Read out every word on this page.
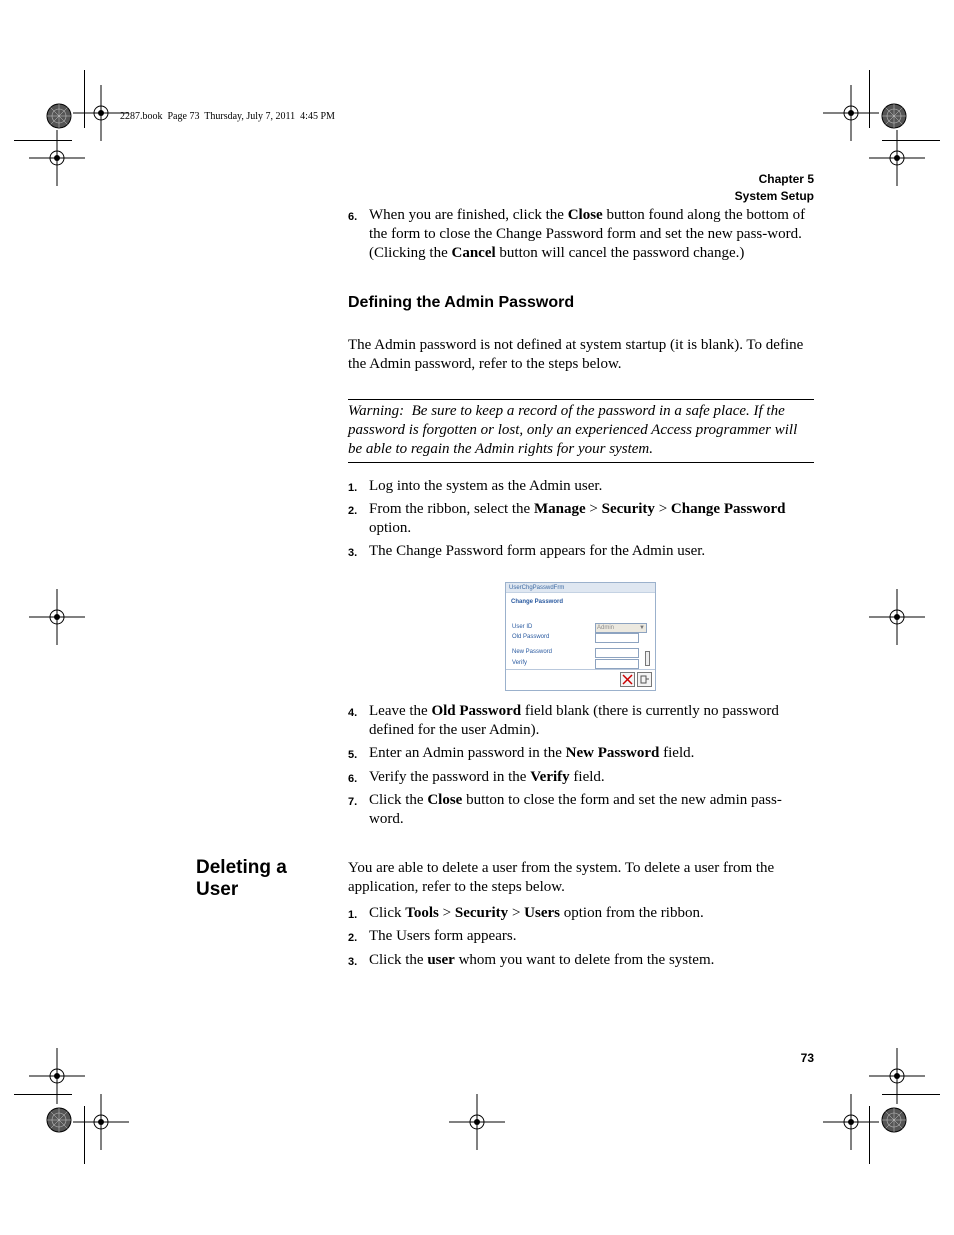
2287.book  Page 73  Thursday, July 7, 2011  4:45 PM
Chapter 5
System Setup
6. When you are finished, click the Close button found along the bottom of the form to close the Change Password form and set the new pass-word. (Clicking the Cancel button will cancel the password change.)
Defining the Admin Password
The Admin password is not defined at system startup (it is blank). To define the Admin password, refer to the steps below.
Warning: Be sure to keep a record of the password in a safe place. If the password is forgotten or lost, only an experienced Access programmer will be able to regain the Admin rights for your system.
1. Log into the system as the Admin user.
2. From the ribbon, select the Manage > Security > Change Password option.
3. The Change Password form appears for the Admin user.
UserChgPasswdFrm
Change Password
User ID	Admin	▼
Old Password
New Password
Verify
4. Leave the Old Password field blank (there is currently no password defined for the user Admin).
5. Enter an Admin password in the New Password field.
6. Verify the password in the Verify field.
7. Click the Close button to close the form and set the new admin pass-word.
Deleting a
User
You are able to delete a user from the system. To delete a user from the application, refer to the steps below.
1. Click Tools > Security > Users option from the ribbon.
2. The Users form appears.
3. Click the user whom you want to delete from the system.
73
